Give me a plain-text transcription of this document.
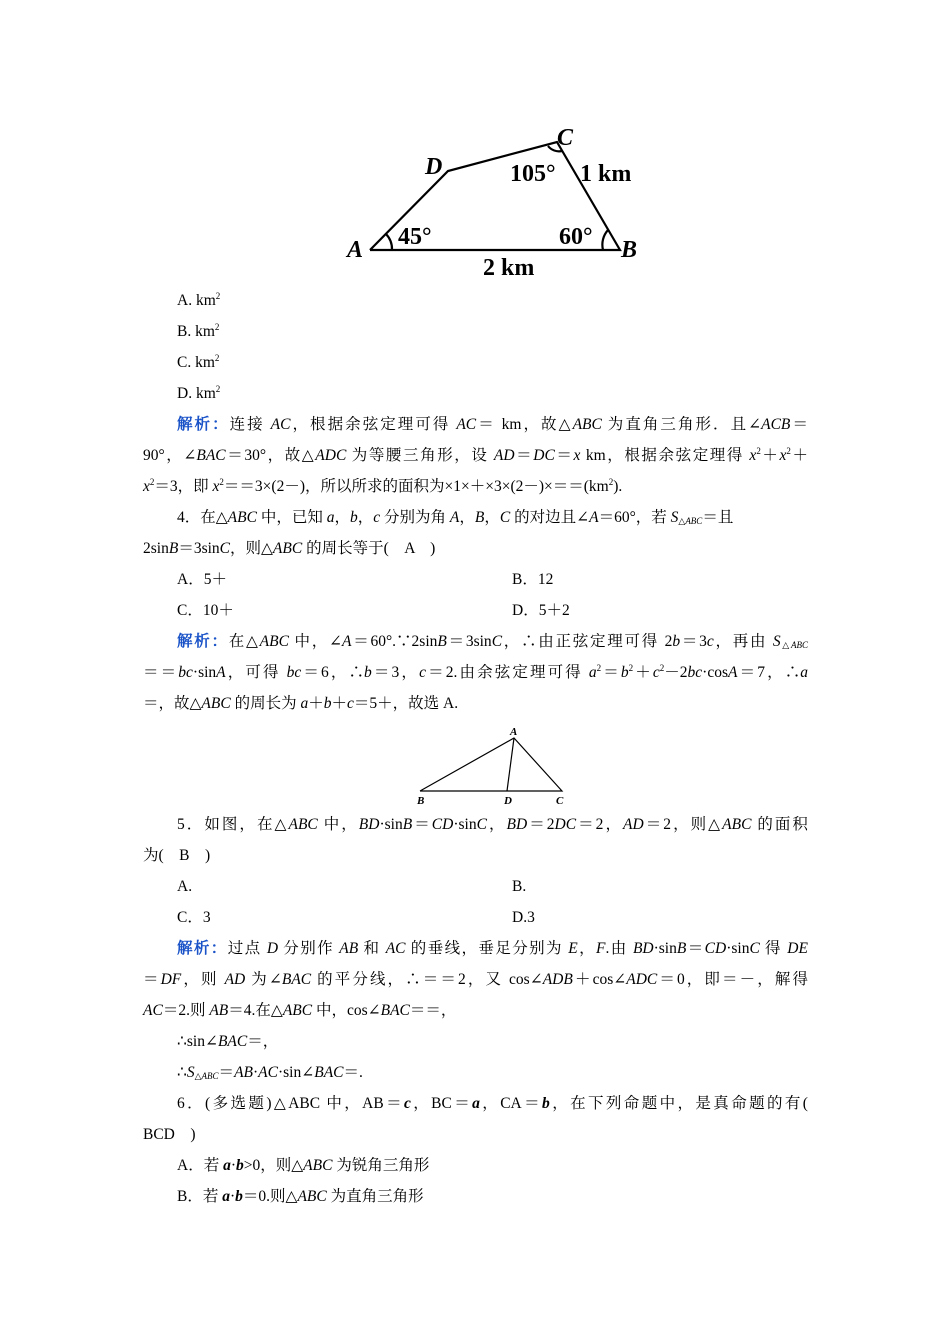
A	B
C
D
45°	60°
105° 1 km
2 km
A. $km^2$
B. $km^2$
C. $km^2$
D. $km^2$
解析：连接 AC，根据余弦定理可得 AC＝ km，故△ABC 为直角三角形．且∠ACB＝
90°，∠BAC＝30°，故△ADC 为等腰三角形，设 AD＝DC＝x km，根据余弦定理得 $x^2+x^2+$
$x^2=3$，即 $x^2==3\times(2-)$，所以所求的面积为$\times 1\times+\times 3\times(2-)\times==(km^2)$.
4．在△ABC 中，已知 a，b，c 分别为角 A，B，C 的对边且∠A＝60°，若 $S_{\triangle ABC}=$且
2sinB＝3sinC，则△ABC 的周长等于(　A　)
A．5＋	B．12
C．10＋	D．5＋2
解析：在△ABC 中，∠A＝60°.∵2sinB＝3sinC，∴由正弦定理可得 2b＝3c，再由 $S_{\triangle ABC}$
＝＝bc·sinA，可得 bc＝6，∴b＝3，c＝2.由余弦定理可得 $a^2=b^2+c^2-2bc\cdot\cos A=7$，∴a
＝，故△ABC 的周长为 a＋b＋c＝5＋，故选 A.
A
B	D	C
5．如图，在△ABC 中，BD·sinB＝CD·sinC，BD＝2DC＝2，AD＝2，则△ABC 的面积
为(　B　)
A.	B.
C．3	D.3
解析：过点 D 分别作 AB 和 AC 的垂线，垂足分别为 E，F.由 BD·sinB＝CD·sinC 得 DE
＝DF，则 AD 为∠BAC 的平分线，∴＝＝2，又 cos∠ADB＋cos∠ADC＝0，即＝－，解得
AC＝2.则 AB＝4.在△ABC 中，cos∠BAC＝＝，
∴sin∠BAC＝，
$\therefore S_{\triangle ABC}=AB\cdot AC\cdot\sin\angle BAC=$.
6．(多选题)△ABC 中，AB＝c，BC＝a，CA＝b，在下列命题中，是真命题的有(
BCD　)
A．若 a·b>0，则△ABC 为锐角三角形
B．若 a·b＝0.则△ABC 为直角三角形
